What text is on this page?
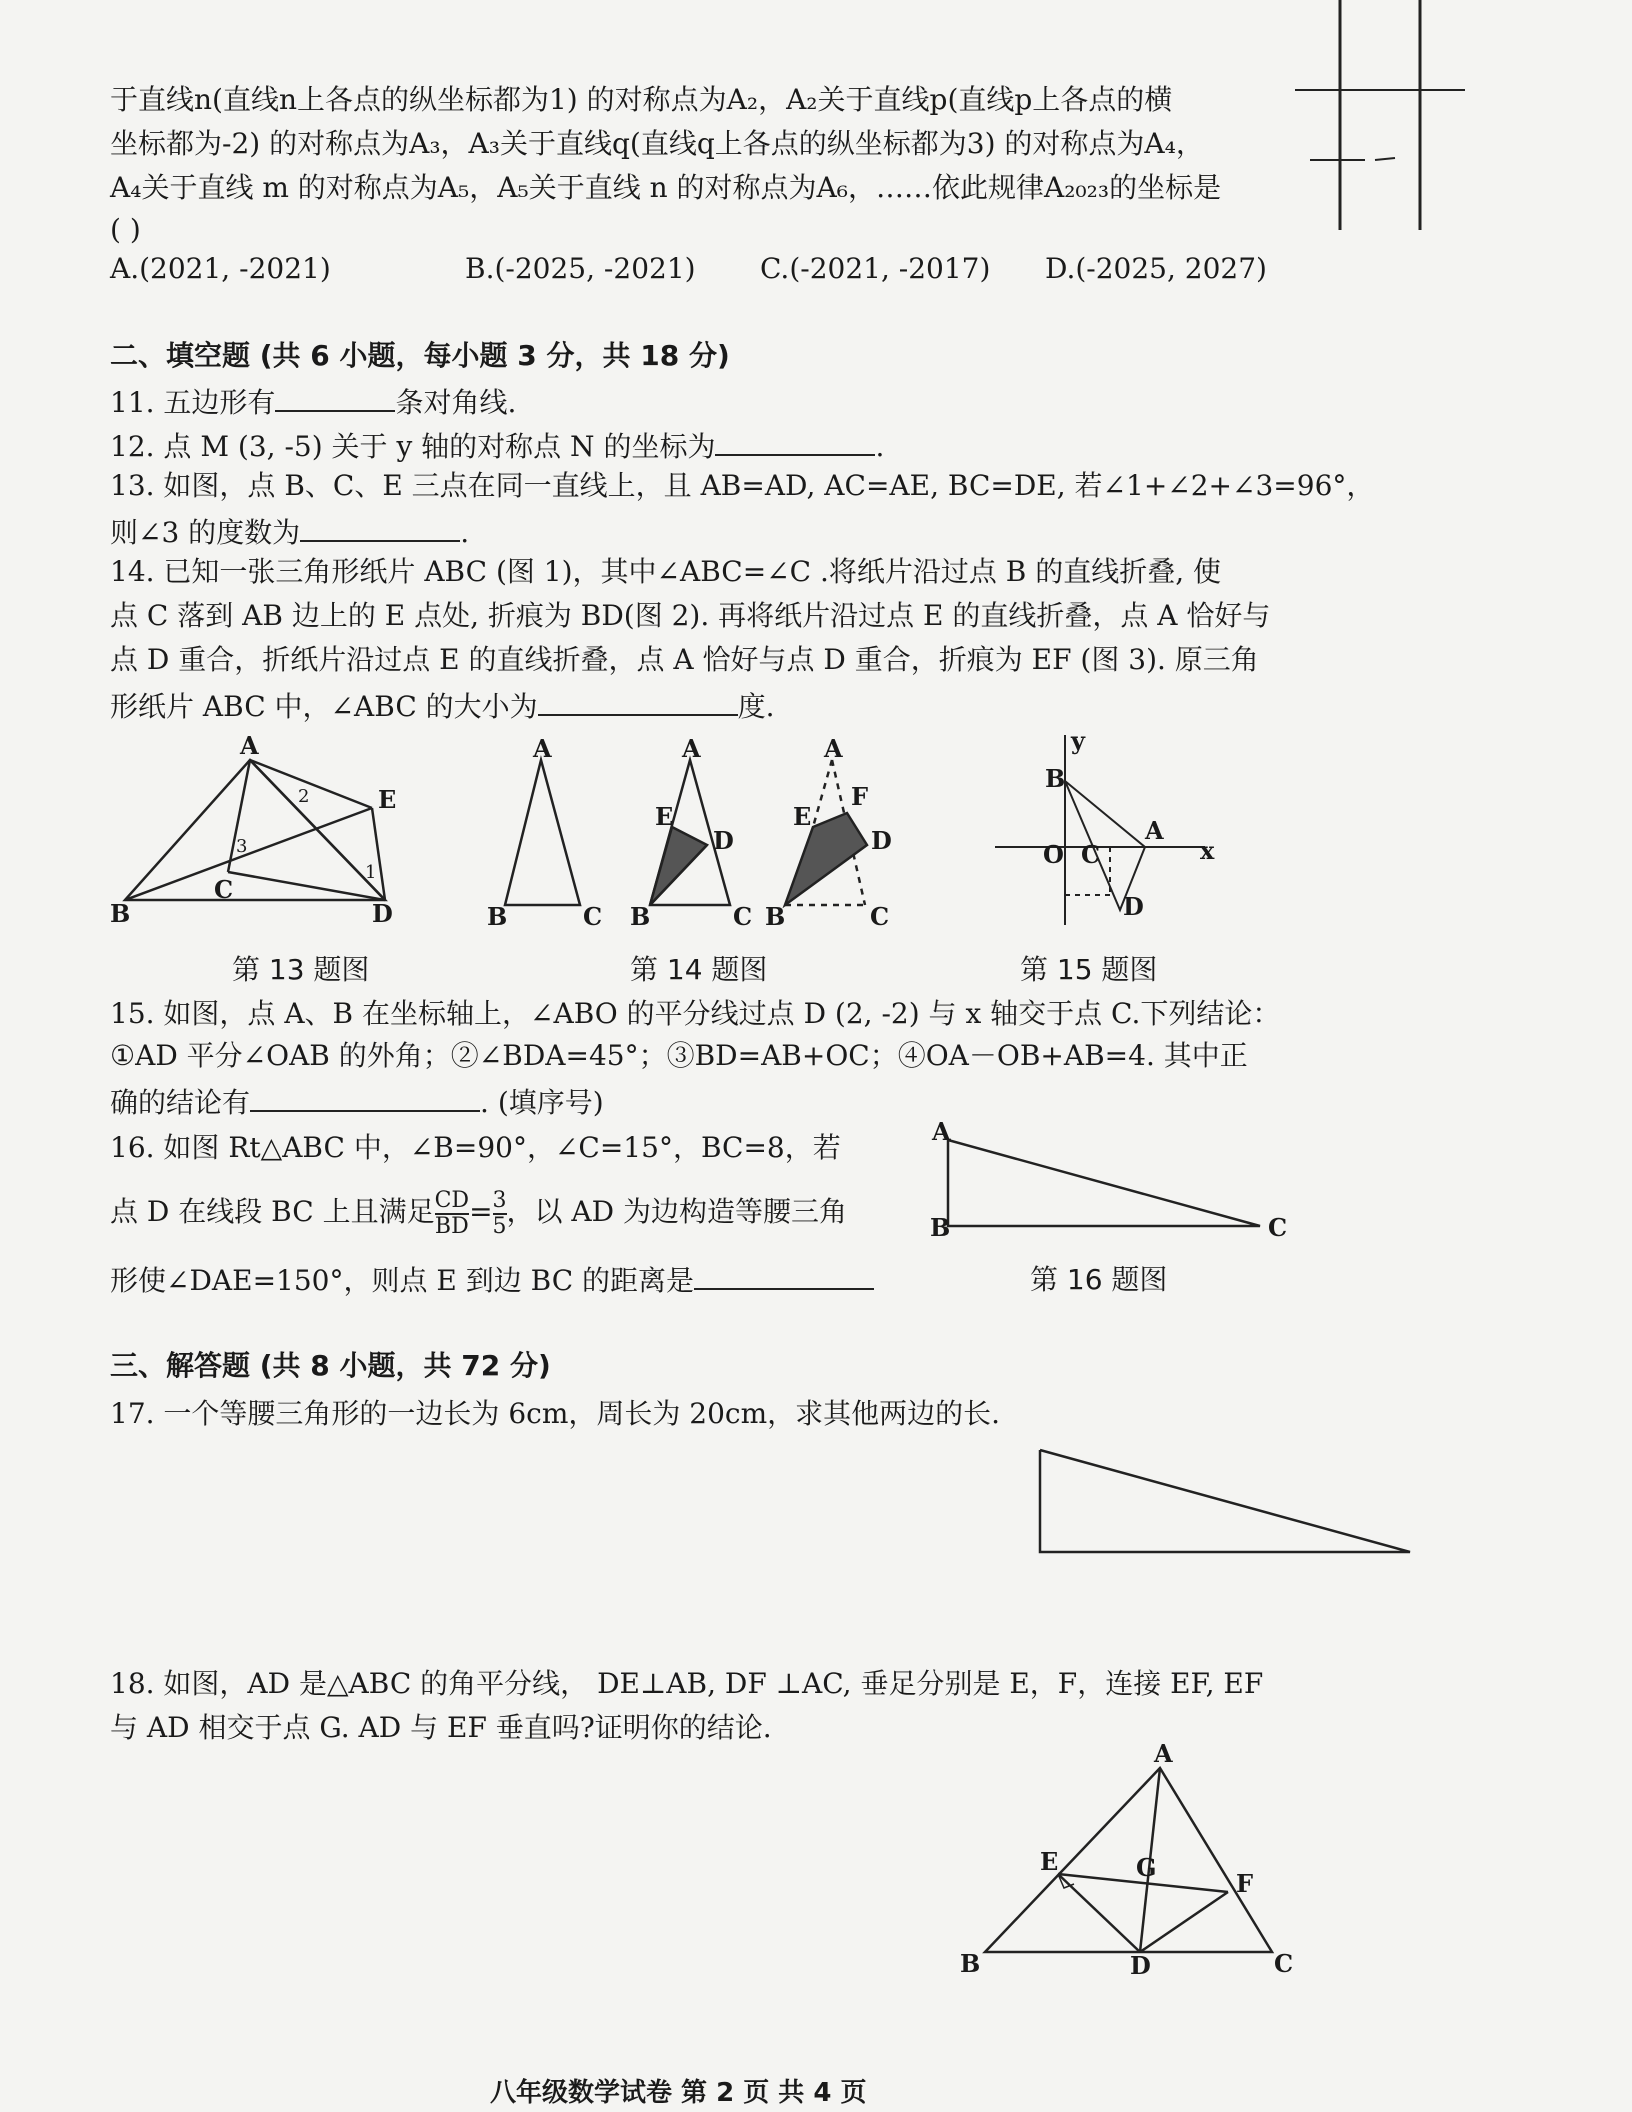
于直线n(直线n上各点的纵坐标都为1) 的对称点为A₂，A₂关于直线p(直线p上各点的横
坐标都为-2) 的对称点为A₃，A₃关于直线q(直线q上各点的纵坐标都为3) 的对称点为A₄，
A₄关于直线 m 的对称点为A₅，A₅关于直线 n 的对称点为A₆，……依此规律A₂₀₂₃的坐标是
( )
A.(2021, -2021)	B.(-2025, -2021) C.(-2021, -2017) D.(-2025, 2027)
二、填空题 (共 6 小题，每小题 3 分，共 18 分)
11. 五边形有	条对角线.
12. 点 M (3, -5) 关于 y 轴的对称点 N 的坐标为	.
13. 如图，点 B、C、E 三点在同一直线上，且 AB=AD, AC=AE, BC=DE, 若∠1+∠2+∠3=96°，
则∠3 的度数为	.
14. 已知一张三角形纸片 ABC (图 1)，其中∠ABC=∠C .将纸片沿过点 B 的直线折叠, 使
点 C 落到 AB 边上的 E 点处, 折痕为 BD(图 2). 再将纸片沿过点 E 的直线折叠，点 A 恰好与
点 D 重合，折纸片沿过点 E 的直线折叠，点 A 恰好与点 D 重合，折痕为 EF (图 3). 原三角
形纸片 ABC 中，∠ABC 的大小为	度.
A
B
C
D
E
1
2
3
A
B	C
A
E
D
B	C
A
E
F
D
B	C
y
x
B
O C
A
D
第 13 题图	第 14 题图	第 15 题图
15. 如图，点 A、B 在坐标轴上，∠ABO 的平分线过点 D (2, -2) 与 x 轴交于点 C.下列结论：
①AD 平分∠OAB 的外角；②∠BDA=45°；③BD=AB+OC；④OA－OB+AB=4. 其中正
确的结论有	. (填序号)
16. 如图 Rt△ABC 中，∠B=90°，∠C=15°，BC=8，若
点 D 在线段 BC 上且满足 $\frac{CD}{BD} = \frac{3}{5}$ ，以 AD 为边构造等腰三角
形使∠DAE=150°，则点 E 到边 BC 的距离是
A
B	C
第 16 题图
三、解答题 (共 8 小题，共 72 分)
17. 一个等腰三角形的一边长为 6cm，周长为 20cm，求其他两边的长.
18. 如图，AD 是△ABC 的角平分线， DE⊥AB, DF ⊥AC, 垂足分别是 E，F，连接 EF, EF
与 AD 相交于点 G. AD 与 EF 垂直吗?证明你的结论.
A
B	C
D
E
F
G
八年级数学试卷 第 2 页 共 4 页
